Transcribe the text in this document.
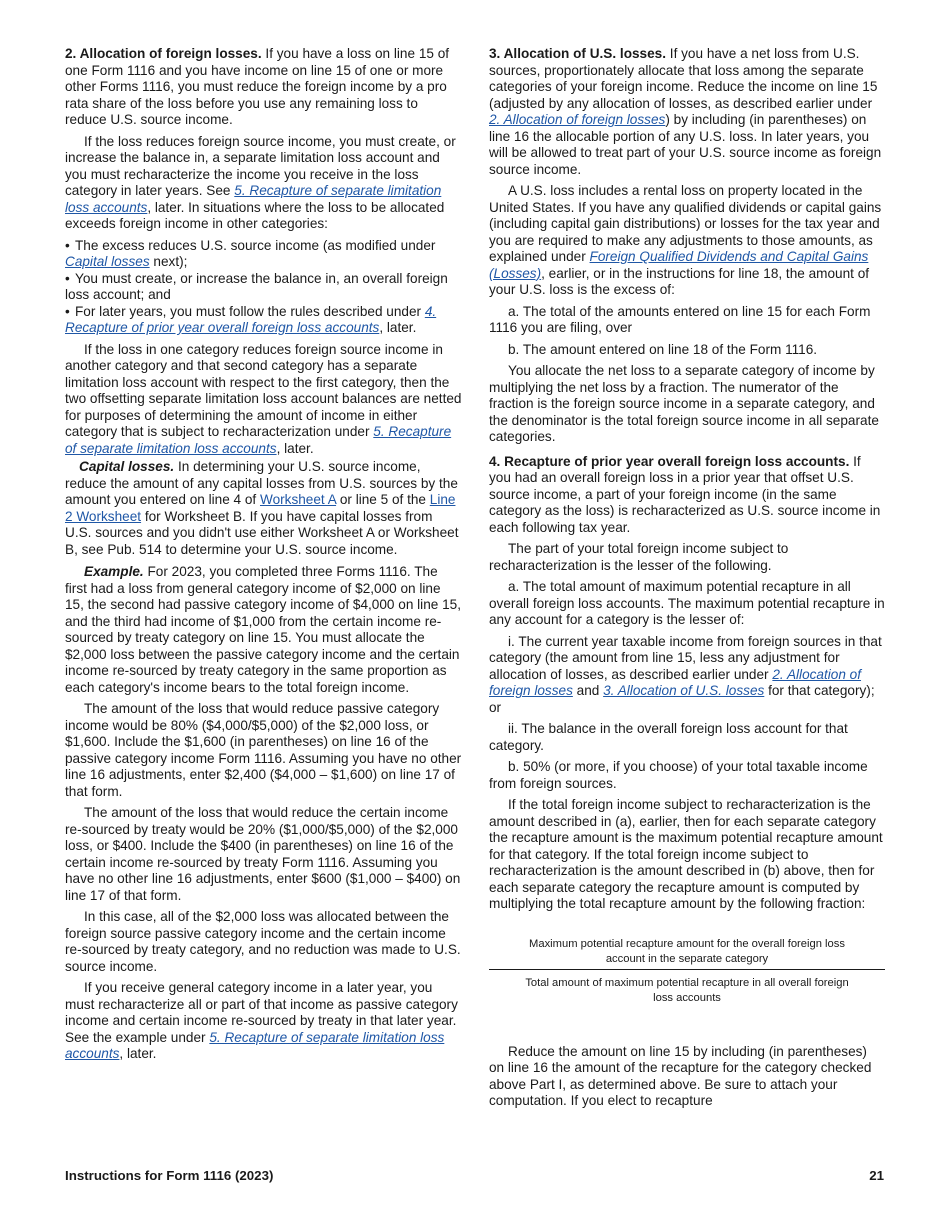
2. Allocation of foreign losses. If you have a loss on line 15 of one Form 1116 and you have income on line 15 of one or more other Forms 1116, you must reduce the foreign income by a pro rata share of the loss before you use any remaining loss to reduce U.S. source income.

If the loss reduces foreign source income, you must create, or increase the balance in, a separate limitation loss account and you must recharacterize the income you receive in the loss category in later years. See 5. Recapture of separate limitation loss accounts, later. In situations where the loss to be allocated exceeds foreign income in other categories:

• The excess reduces U.S. source income (as modified under Capital losses next);
• You must create, or increase the balance in, an overall foreign loss account; and
• For later years, you must follow the rules described under 4. Recapture of prior year overall foreign loss accounts, later.

If the loss in one category reduces foreign source income in another category and that second category has a separate limitation loss account with respect to the first category, then the two offsetting separate limitation loss account balances are netted for purposes of determining the amount of income in either category that is subject to recharacterization under 5. Recapture of separate limitation loss accounts, later.

Capital losses. In determining your U.S. source income, reduce the amount of any capital losses from U.S. sources by the amount you entered on line 4 of Worksheet A or line 5 of the Line 2 Worksheet for Worksheet B. If you have capital losses from U.S. sources and you didn't use either Worksheet A or Worksheet B, see Pub. 514 to determine your U.S. source income.

Example. For 2023, you completed three Forms 1116. The first had a loss from general category income of $2,000 on line 15, the second had passive category income of $4,000 on line 15, and the third had income of $1,000 from the certain income re-sourced by treaty category on line 15. You must allocate the $2,000 loss between the passive category income and the certain income re-sourced by treaty category in the same proportion as each category's income bears to the total foreign income.

The amount of the loss that would reduce passive category income would be 80% ($4,000/$5,000) of the $2,000 loss, or $1,600. Include the $1,600 (in parentheses) on line 16 of the passive category income Form 1116. Assuming you have no other line 16 adjustments, enter $2,400 ($4,000 – $1,600) on line 17 of that form.

The amount of the loss that would reduce the certain income re-sourced by treaty would be 20% ($1,000/$5,000) of the $2,000 loss, or $400. Include the $400 (in parentheses) on line 16 of the certain income re-sourced by treaty Form 1116. Assuming you have no other line 16 adjustments, enter $600 ($1,000 – $400) on line 17 of that form.

In this case, all of the $2,000 loss was allocated between the foreign source passive category income and the certain income re-sourced by treaty category, and no reduction was made to U.S. source income.

If you receive general category income in a later year, you must recharacterize all or part of that income as passive category income and certain income re-sourced by treaty in that later year. See the example under 5. Recapture of separate limitation loss accounts, later.

3. Allocation of U.S. losses. If you have a net loss from U.S. sources, proportionately allocate that loss among the separate categories of your foreign income. Reduce the income on line 15 (adjusted by any allocation of losses, as described earlier under 2. Allocation of foreign losses) by including (in parentheses) on line 16 the allocable portion of any U.S. loss. In later years, you will be allowed to treat part of your U.S. source income as foreign source income.

A U.S. loss includes a rental loss on property located in the United States. If you have any qualified dividends or capital gains (including capital gain distributions) or losses for the tax year and you are required to make any adjustments to those amounts, as explained under Foreign Qualified Dividends and Capital Gains (Losses), earlier, or in the instructions for line 18, the amount of your U.S. loss is the excess of:

a. The total of the amounts entered on line 15 for each Form 1116 you are filing, over

b. The amount entered on line 18 of the Form 1116.

You allocate the net loss to a separate category of income by multiplying the net loss by a fraction. The numerator of the fraction is the foreign source income in a separate category, and the denominator is the total foreign source income in all separate categories.

4. Recapture of prior year overall foreign loss accounts. If you had an overall foreign loss in a prior year that offset U.S. source income, a part of your foreign income (in the same category as the loss) is recharacterized as U.S. source income in each following tax year.

The part of your total foreign income subject to recharacterization is the lesser of the following.

a. The total amount of maximum potential recapture in all overall foreign loss accounts. The maximum potential recapture in any account for a category is the lesser of:

i. The current year taxable income from foreign sources in that category (the amount from line 15, less any adjustment for allocation of losses, as described earlier under 2. Allocation of foreign losses and 3. Allocation of U.S. losses for that category); or

ii. The balance in the overall foreign loss account for that category.

b. 50% (or more, if you choose) of your total taxable income from foreign sources.

If the total foreign income subject to recharacterization is the amount described in (a), earlier, then for each separate category the recapture amount is the maximum potential recapture amount for that category. If the total foreign income subject to recharacterization is the amount described in (b) above, then for each separate category the recapture amount is computed by multiplying the total recapture amount by the following fraction:

Maximum potential recapture amount for the overall foreign loss account in the separate category
Total amount of maximum potential recapture in all overall foreign loss accounts

Reduce the amount on line 15 by including (in parentheses) on line 16 the amount of the recapture for the category checked above Part I, as determined above. Be sure to attach your computation. If you elect to recapture

Instructions for Form 1116 (2023)	21
